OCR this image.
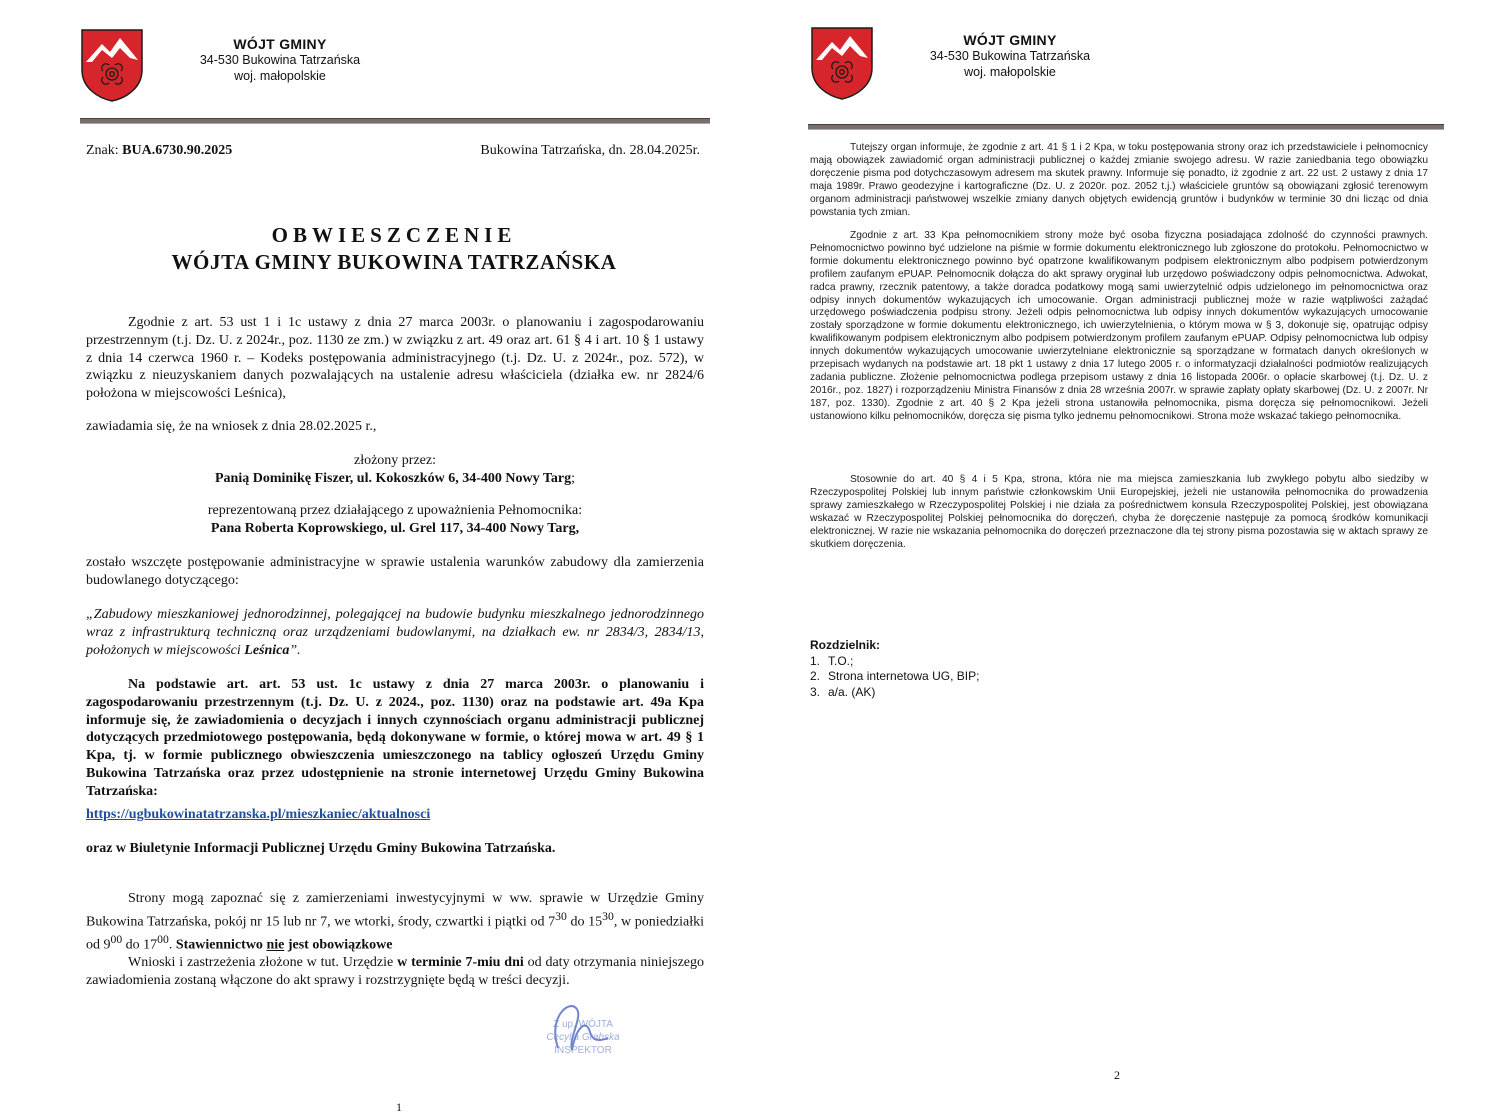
WÓJT GMINY
34-530 Bukowina Tatrzańska
woj. małopolskie
Znak: BUA.6730.90.2025	Bukowina Tatrzańska, dn. 28.04.2025r.
OBWIESZCZENIE
WÓJTA GMINY BUKOWINA TATRZAŃSKA
Zgodnie z art. 53 ust 1 i 1c ustawy z dnia 27 marca 2003r. o planowaniu i zagospodarowaniu przestrzennym (t.j. Dz. U. z 2024r., poz. 1130 ze zm.) w związku z art. 49 oraz art. 61 § 4 i art. 10 § 1 ustawy z dnia 14 czerwca 1960 r. – Kodeks postępowania administracyjnego (t.j. Dz. U. z 2024r., poz. 572), w związku z nieuzyskaniem danych pozwalających na ustalenie adresu właściciela (działka ew. nr 2824/6 położona w miejscowości Leśnica),
zawiadamia się, że na wniosek z dnia 28.02.2025 r.,
złożony przez:
Panią Dominikę Fiszer, ul. Kokoszków 6, 34-400 Nowy Targ;
reprezentowaną przez działającego z upoważnienia Pełnomocnika:
Pana Roberta Koprowskiego, ul. Grel 117, 34-400 Nowy Targ,
zostało wszczęte postępowanie administracyjne w sprawie ustalenia warunków zabudowy dla zamierzenia budowlanego dotyczącego:
„Zabudowy mieszkaniowej jednorodzinnej, polegającej na budowie budynku mieszkalnego jednorodzinnego wraz z infrastrukturą techniczną oraz urządzeniami budowlanymi, na działkach ew. nr 2834/3, 2834/13, położonych w miejscowości Leśnica”.
Na podstawie art. art. 53 ust. 1c ustawy z dnia 27 marca 2003r. o planowaniu i zagospodarowaniu przestrzennym (t.j. Dz. U. z 2024., poz. 1130) oraz na podstawie art. 49a Kpa informuje się, że zawiadomienia o decyzjach i innych czynnościach organu administracji publicznej dotyczących przedmiotowego postępowania, będą dokonywane w formie, o której mowa w art. 49 § 1 Kpa, tj. w formie publicznego obwieszczenia umieszczonego na tablicy ogłoszeń Urzędu Gminy Bukowina Tatrzańska oraz przez udostępnienie na stronie internetowej Urzędu Gminy Bukowina Tatrzańska:
https://ugbukowinatatrzanska.pl/mieszkaniec/aktualnosci
oraz w Biuletynie Informacji Publicznej Urzędu Gminy Bukowina Tatrzańska.
Strony mogą zapoznać się z zamierzeniami inwestycyjnymi w ww. sprawie w Urzędzie Gminy Bukowina Tatrzańska, pokój nr 15 lub nr 7, we wtorki, środy, czwartki i piątki od $7^{30}$ do $15^{30}$, w poniedziałki od $9^{00}$ do $17^{00}$. Stawiennictwo nie jest obowiązkowe
Wnioski i zastrzeżenia złożone w tut. Urzędzie w terminie 7-miu dni od daty otrzymania niniejszego zawiadomienia zostaną włączone do akt sprawy i rozstrzygnięte będą w treści decyzji.
Z up. WÓJTA
Cecylia Grabska
INSPEKTOR
1
WÓJT GMINY
34-530 Bukowina Tatrzańska
woj. małopolskie
Tutejszy organ informuje, że zgodnie z art. 41 § 1 i 2 Kpa, w toku postępowania strony oraz ich przedstawiciele i pełnomocnicy mają obowiązek zawiadomić organ administracji publicznej o każdej zmianie swojego adresu. W razie zaniedbania tego obowiązku doręczenie pisma pod dotychczasowym adresem ma skutek prawny. Informuje się ponadto, iż zgodnie z art. 22 ust. 2 ustawy z dnia 17 maja 1989r. Prawo geodezyjne i kartograficzne (Dz. U. z 2020r. poz. 2052 t.j.) właściciele gruntów są obowiązani zgłosić terenowym organom administracji państwowej wszelkie zmiany danych objętych ewidencją gruntów i budynków w terminie 30 dni licząc od dnia powstania tych zmian.
Zgodnie z art. 33 Kpa pełnomocnikiem strony może być osoba fizyczna posiadająca zdolność do czynności prawnych. Pełnomocnictwo powinno być udzielone na piśmie w formie dokumentu elektronicznego lub zgłoszone do protokołu. Pełnomocnictwo w formie dokumentu elektronicznego powinno być opatrzone kwalifikowanym podpisem elektronicznym albo podpisem potwierdzonym profilem zaufanym ePUAP. Pełnomocnik dołącza do akt sprawy oryginał lub urzędowo poświadczony odpis pełnomocnictwa. Adwokat, radca prawny, rzecznik patentowy, a także doradca podatkowy mogą sami uwierzytelnić odpis udzielonego im pełnomocnictwa oraz odpisy innych dokumentów wykazujących ich umocowanie. Organ administracji publicznej może w razie wątpliwości zażądać urzędowego poświadczenia podpisu strony. Jeżeli odpis pełnomocnictwa lub odpisy innych dokumentów wykazujących umocowanie zostały sporządzone w formie dokumentu elektronicznego, ich uwierzytelnienia, o którym mowa w § 3, dokonuje się, opatrując odpisy kwalifikowanym podpisem elektronicznym albo podpisem potwierdzonym profilem zaufanym ePUAP. Odpisy pełnomocnictwa lub odpisy innych dokumentów wykazujących umocowanie uwierzytelniane elektronicznie są sporządzane w formatach danych określonych w przepisach wydanych na podstawie art. 18 pkt 1 ustawy z dnia 17 lutego 2005 r. o informatyzacji działalności podmiotów realizujących zadania publiczne. Złożenie pełnomocnictwa podlega przepisom ustawy z dnia 16 listopada 2006r. o opłacie skarbowej (t.j. Dz. U. z 2016r., poz. 1827) i rozporządzeniu Ministra Finansów z dnia 28 września 2007r. w sprawie zapłaty opłaty skarbowej (Dz. U. z 2007r. Nr 187, poz. 1330). Zgodnie z art. 40 § 2 Kpa jeżeli strona ustanowiła pełnomocnika, pisma doręcza się pełnomocnikowi. Jeżeli ustanowiono kilku pełnomocników, doręcza się pisma tylko jednemu pełnomocnikowi. Strona może wskazać takiego pełnomocnika.
Stosownie do art. 40 § 4 i 5 Kpa, strona, która nie ma miejsca zamieszkania lub zwykłego pobytu albo siedziby w Rzeczypospolitej Polskiej lub innym państwie członkowskim Unii Europejskiej, jeżeli nie ustanowiła pełnomocnika do prowadzenia sprawy zamieszkałego w Rzeczypospolitej Polskiej i nie działa za pośrednictwem konsula Rzeczypospolitej Polskiej, jest obowiązana wskazać w Rzeczypospolitej Polskiej pełnomocnika do doręczeń, chyba że doręczenie następuje za pomocą środków komunikacji elektronicznej. W razie nie wskazania pełnomocnika do doręczeń przeznaczone dla tej strony pisma pozostawia się w aktach sprawy ze skutkiem doręczenia.
Rozdzielnik:
1. T.O.;
2. Strona internetowa UG, BIP;
3. a/a. (AK)
2
